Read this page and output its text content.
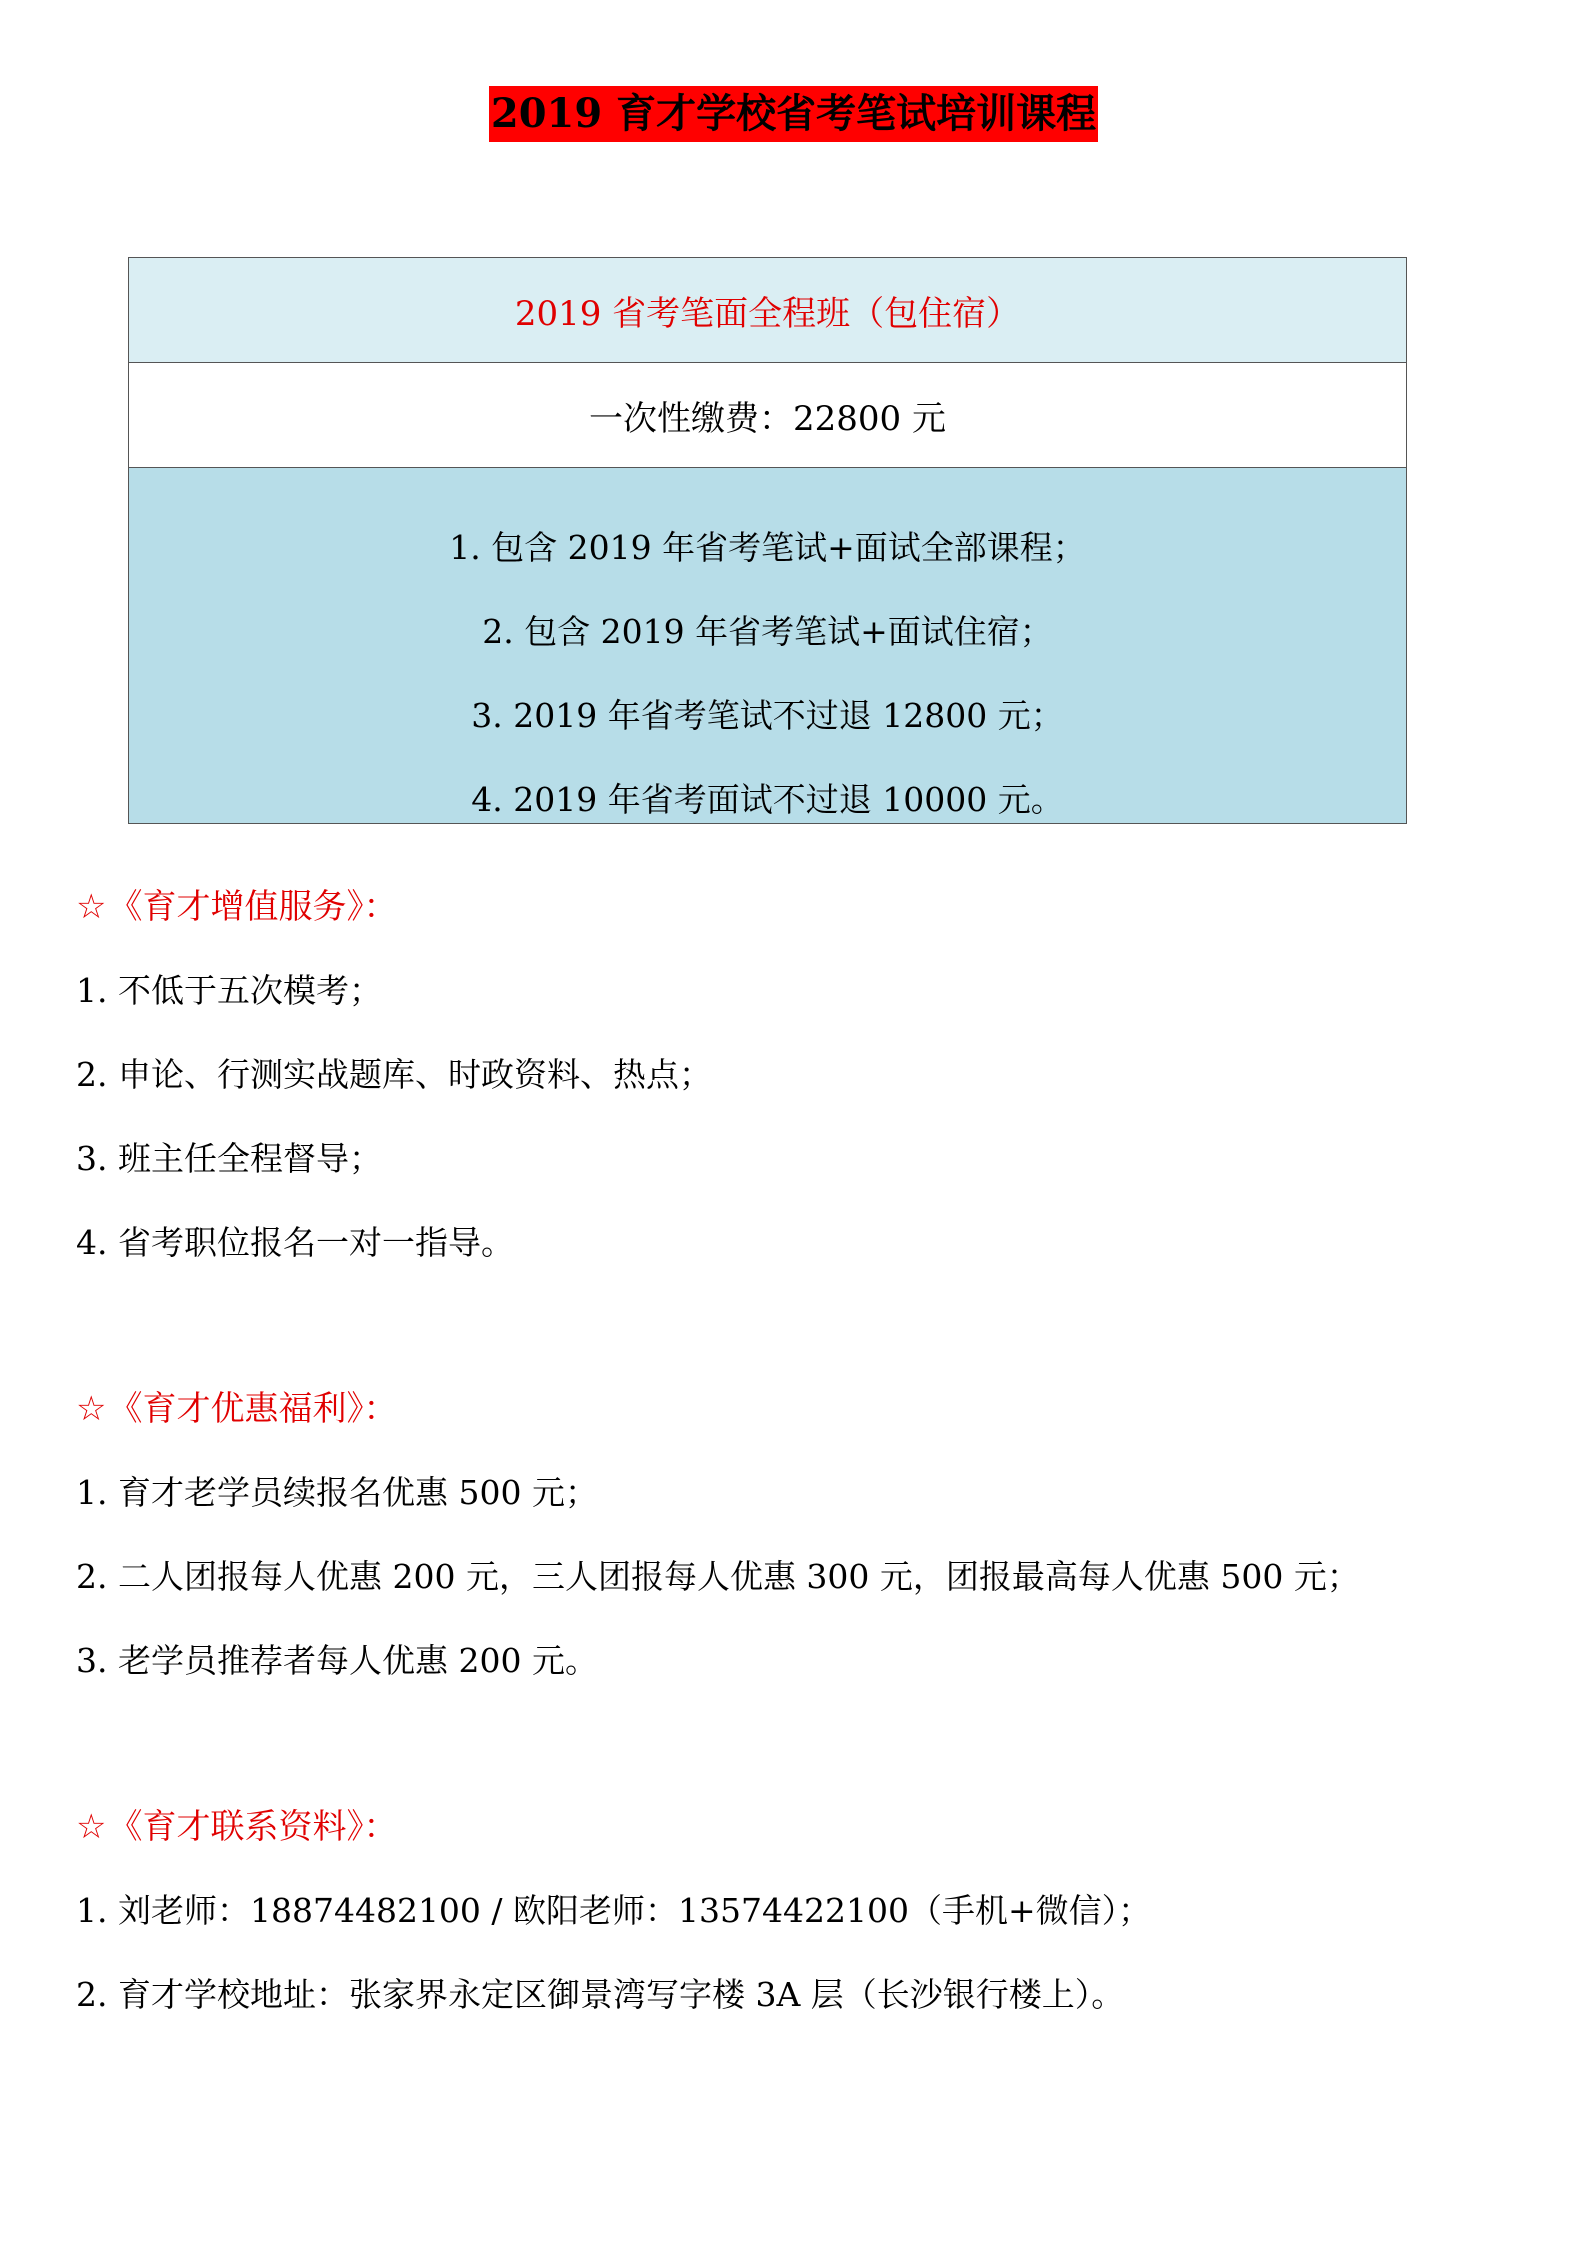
2019 育才学校省考笔试培训课程
2019 省考笔面全程班（包住宿）
一次性缴费：22800 元
1. 包含 2019 年省考笔试+面试全部课程；
2. 包含 2019 年省考笔试+面试住宿；
3. 2019 年省考笔试不过退 12800 元；
4. 2019 年省考面试不过退 10000 元。
☆《育才增值服务》：
1. 不低于五次模考；
2. 申论、行测实战题库、时政资料、热点；
3. 班主任全程督导；
4. 省考职位报名一对一指导。
☆《育才优惠福利》：
1. 育才老学员续报名优惠 500 元；
2. 二人团报每人优惠 200 元，三人团报每人优惠 300 元，团报最高每人优惠 500 元；
3. 老学员推荐者每人优惠 200 元。
☆《育才联系资料》：
1. 刘老师：18874482100 / 欧阳老师：13574422100（手机+微信）；
2. 育才学校地址：张家界永定区御景湾写字楼 3A 层（长沙银行楼上）。
